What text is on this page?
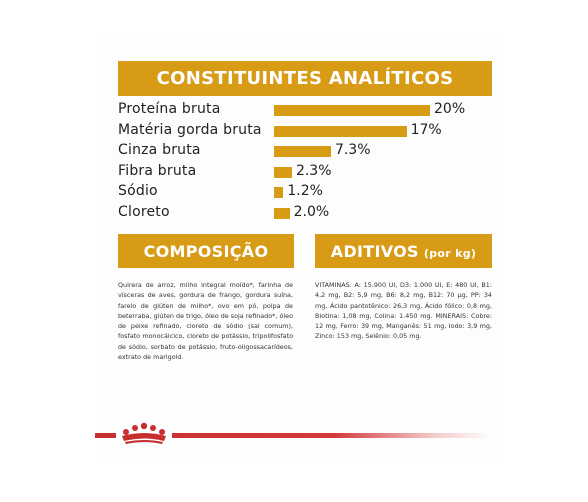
CONSTITUINTES ANALÍTICOS
Proteína bruta	20%
Matéria gorda bruta	17%
Cinza bruta	7.3%
Fibra bruta	2.3%
Sódio	1.2%
Cloreto	2.0%
COMPOSIÇÃO	ADITIVOS (por kg)
Quirera de arroz, milho integral moído*, farinha de vísceras de aves, gordura de frango, gordura suína, farelo de glúten de milho*, ovo em pó, polpa de beterraba, glúten de trigo, óleo de soja refinado*, óleo de peixe refinado, cloreto de sódio (sal comum), fosfato monocálcico, cloreto de potássio, tripolifosfato de sódio, sorbato de potássio, fruto-oligossacarídeos, extrato de marigold.
VITAMINAS: A: 15.900 UI, D3: 1.000 UI, E: 480 UI, B1: 4,2 mg, B2: 5,9 mg, B6: 8,2 mg, B12: 70 µg, PP: 34 mg, Ácido pantotênico: 26,3 mg, Ácido fólico: 0,8 mg, Biotina: 1,08 mg, Colina: 1.450 mg. MINERAIS: Cobre: 12 mg, Ferro: 39 mg, Manganês: 51 mg, Iodo: 3,9 mg, Zinco: 153 mg, Selênio: 0,05 mg.
